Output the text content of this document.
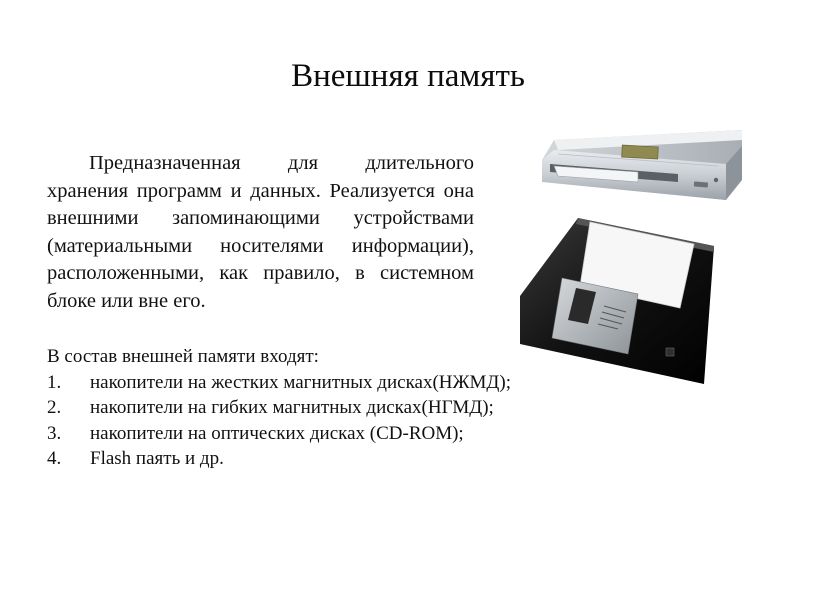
Внешняя память

Предназначенная для длительного хранения программ и данных. Реализуется она внешними запоминающими устройствами (материальными носителями информации), расположенными, как правило, в системном блоке или вне его.

В состав внешней памяти входят:

1.	накопители на жестких магнитных дисках(НЖМД);
2.	накопители на гибких магнитных дисках(НГМД);
3.	накопители на оптических дисках (CD-ROM);
4.	Flash паять и др.
